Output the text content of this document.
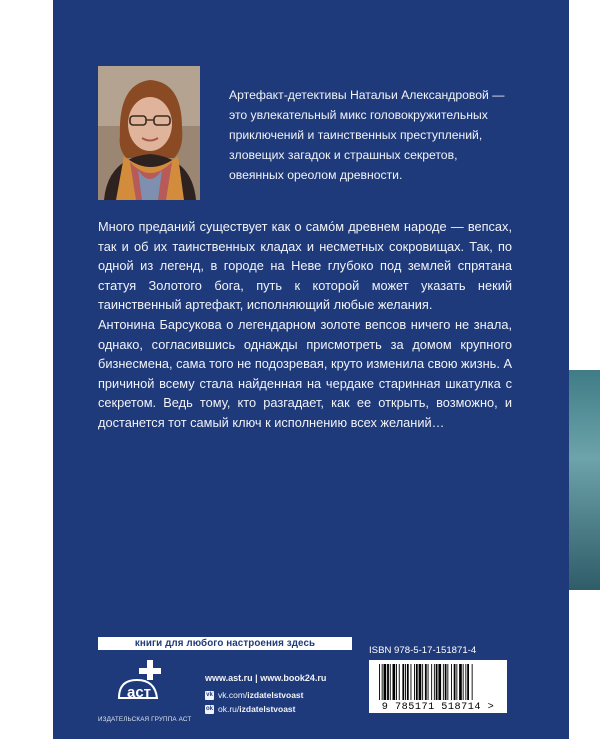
Артефакт-детективы Натальи Александровой —
это увлекательный микс головокружительных
приключений и таинственных преступлений,
зловещих загадок и страшных секретов,
овеянных ореолом древности.
Много преданий существует как о само́м древнем народе — вепсах, так и об их таинственных кладах и несметных сокровищах. Так, по одной из легенд, в городе на Неве глубоко под землей спрятана статуя Золотого бога, путь к которой может указать некий таинственный артефакт, исполняющий любые желания.
Антонина Барсукова о легендарном золоте вепсов ничего не знала, однако, согласившись однажды присмотреть за домом крупного бизнесмена, сама того не подозревая, круто изменила свою жизнь. А причиной всему стала найденная на чердаке старинная шкатулка с секретом. Ведь тому, кто разгадает, как ее открыть, возможно, и достанется тот самый ключ к исполнению всех желаний…
книги для любого настроения здесь
аст
ИЗДАТЕЛЬСКАЯ ГРУППА АСТ
www.ast.ru | www.book24.ru
vk vk.com/izdatelstvoast
ok ok.ru/izdatelstvoast
ISBN 978-5-17-151871-4
9 785171 518714 >
